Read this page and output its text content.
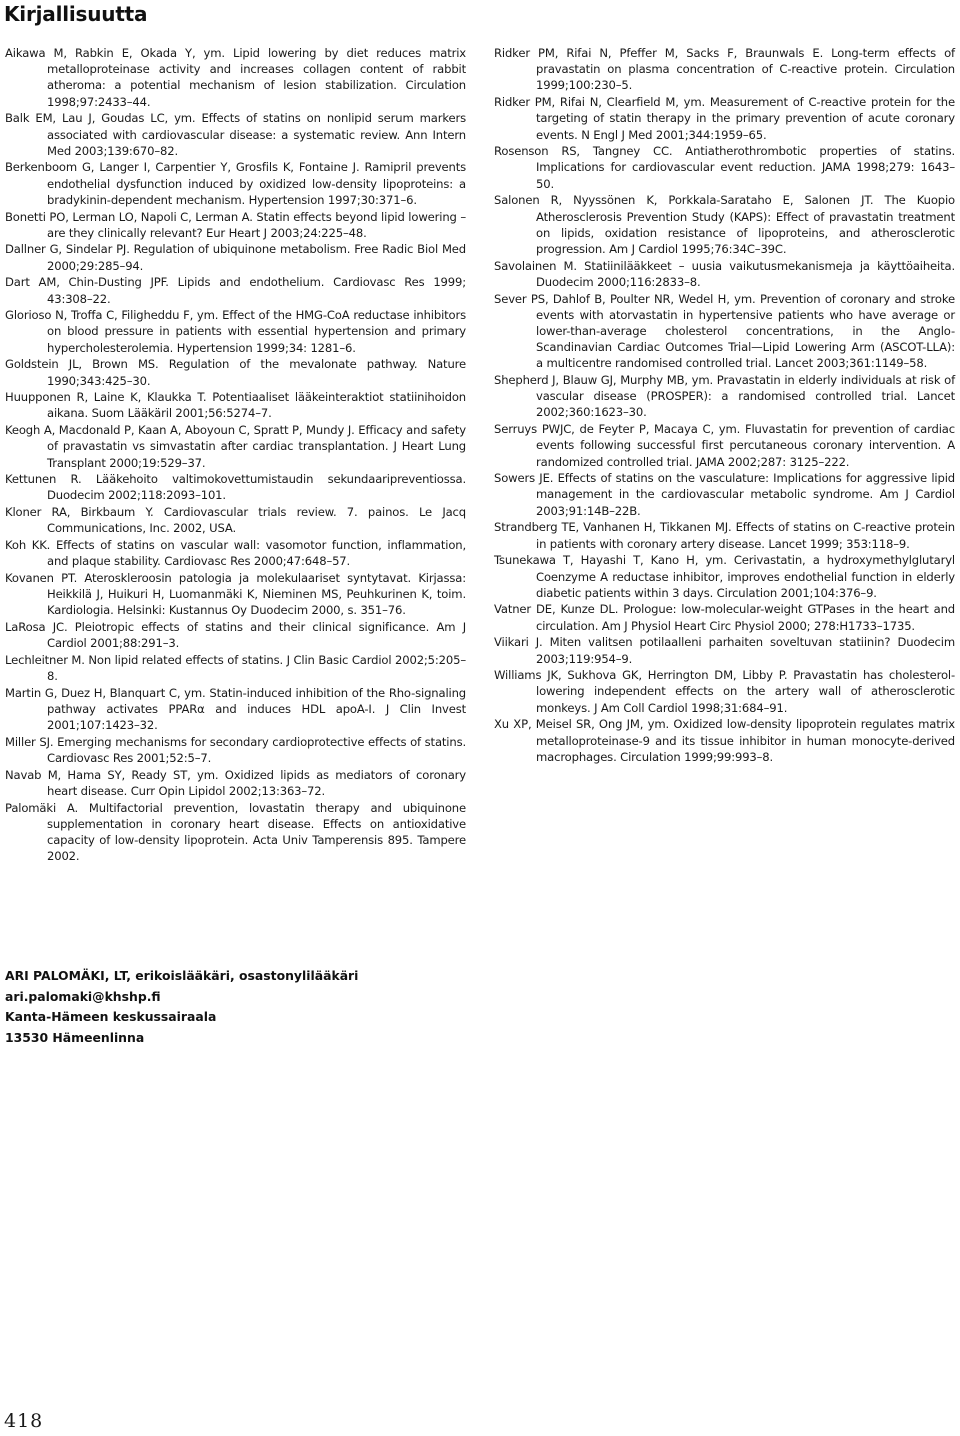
Kirjallisuutta

Aikawa M, Rabkin E, Okada Y, ym. Lipid lowering by diet reduces matrix metalloproteinase activity and increases collagen content of rabbit atheroma: a potential mechanism of lesion stabilization. Circulation 1998;97:2433–44.

Balk EM, Lau J, Goudas LC, ym. Effects of statins on nonlipid serum markers associated with cardiovascular disease: a systematic review. Ann Intern Med 2003;139:670–82.

Berkenboom G, Langer I, Carpentier Y, Grosfils K, Fontaine J. Ramipril prevents endothelial dysfunction induced by oxidized low-density lipoproteins: a bradykinin-dependent mechanism. Hypertension 1997;30:371–6.

Bonetti PO, Lerman LO, Napoli C, Lerman A. Statin effects beyond lipid lowering – are they clinically relevant? Eur Heart J 2003;24:225–48.

Dallner G, Sindelar PJ. Regulation of ubiquinone metabolism. Free Radic Biol Med 2000;29:285–94.

Dart AM, Chin-Dusting JPF. Lipids and endothelium. Cardiovasc Res 1999; 43:308–22.

Glorioso N, Troffa C, Filigheddu F, ym. Effect of the HMG-CoA reductase inhibitors on blood pressure in patients with essential hypertension and primary hypercholesterolemia. Hypertension 1999;34: 1281–6.

Goldstein JL, Brown MS. Regulation of the mevalonate pathway. Nature 1990;343:425–30.

Huupponen R, Laine K, Klaukka T. Potentiaaliset lääkeinteraktiot statiinihoidon aikana. Suom Lääkäril 2001;56:5274–7.

Keogh A, Macdonald P, Kaan A, Aboyoun C, Spratt P, Mundy J. Efficacy and safety of pravastatin vs simvastatin after cardiac transplantation. J Heart Lung Transplant 2000;19:529–37.

Kettunen R. Lääkehoito valtimokovettumistaudin sekundaaripreventiossa. Duodecim 2002;118:2093–101.

Kloner RA, Birkbaum Y. Cardiovascular trials review. 7. painos. Le Jacq Communications, Inc. 2002, USA.

Koh KK. Effects of statins on vascular wall: vasomotor function, inflammation, and plaque stability. Cardiovasc Res 2000;47:648–57.

Kovanen PT. Ateroskleroosin patologia ja molekulaariset syntytavat. Kirjassa: Heikkilä J, Huikuri H, Luomanmäki K, Nieminen MS, Peuhkurinen K, toim. Kardiologia. Helsinki: Kustannus Oy Duodecim 2000, s. 351–76.

LaRosa JC. Pleiotropic effects of statins and their clinical significance. Am J Cardiol 2001;88:291–3.

Lechleitner M. Non lipid related effects of statins. J Clin Basic Cardiol 2002;5:205–8.

Martin G, Duez H, Blanquart C, ym. Statin-induced inhibition of the Rho-signaling pathway activates PPARα and induces HDL apoA-I. J Clin Invest 2001;107:1423–32.

Miller SJ. Emerging mechanisms for secondary cardioprotective effects of statins. Cardiovasc Res 2001;52:5–7.

Navab M, Hama SY, Ready ST, ym. Oxidized lipids as mediators of coronary heart disease. Curr Opin Lipidol 2002;13:363–72.

Palomäki A. Multifactorial prevention, lovastatin therapy and ubiquinone supplementation in coronary heart disease. Effects on antioxidative capacity of low-density lipoprotein. Acta Univ Tamperensis 895. Tampere 2002.

Ridker PM, Rifai N, Pfeffer M, Sacks F, Braunwals E. Long-term effects of pravastatin on plasma concentration of C-reactive protein. Circulation 1999;100:230–5.

Ridker PM, Rifai N, Clearfield M, ym. Measurement of C-reactive protein for the targeting of statin therapy in the primary prevention of acute coronary events. N Engl J Med 2001;344:1959–65.

Rosenson RS, Tangney CC. Antiatherothrombotic properties of statins. Implications for cardiovascular event reduction. JAMA 1998;279: 1643–50.

Salonen R, Nyyssönen K, Porkkala-Sarataho E, Salonen JT. The Kuopio Atherosclerosis Prevention Study (KAPS): Effect of pravastatin treatment on lipids, oxidation resistance of lipoproteins, and atherosclerotic progression. Am J Cardiol 1995;76:34C–39C.

Savolainen M. Statiinilääkkeet – uusia vaikutusmekanismeja ja käyttöaiheita. Duodecim 2000;116:2833–8.

Sever PS, Dahlof B, Poulter NR, Wedel H, ym. Prevention of coronary and stroke events with atorvastatin in hypertensive patients who have average or lower-than-average cholesterol concentrations, in the Anglo-Scandinavian Cardiac Outcomes Trial—Lipid Lowering Arm (ASCOT-LLA): a multicentre randomised controlled trial. Lancet 2003;361:1149–58.

Shepherd J, Blauw GJ, Murphy MB, ym. Pravastatin in elderly individuals at risk of vascular disease (PROSPER): a randomised controlled trial. Lancet 2002;360:1623–30.

Serruys PWJC, de Feyter P, Macaya C, ym. Fluvastatin for prevention of cardiac events following successful first percutaneous coronary intervention. A randomized controlled trial. JAMA 2002;287: 3125–222.

Sowers JE. Effects of statins on the vasculature: Implications for aggressive lipid management in the cardiovascular metabolic syndrome. Am J Cardiol 2003;91:14B–22B.

Strandberg TE, Vanhanen H, Tikkanen MJ. Effects of statins on C-reactive protein in patients with coronary artery disease. Lancet 1999; 353:118–9.

Tsunekawa T, Hayashi T, Kano H, ym. Cerivastatin, a hydroxymethylglutaryl Coenzyme A reductase inhibitor, improves endothelial function in elderly diabetic patients within 3 days. Circulation 2001;104:376–9.

Vatner DE, Kunze DL. Prologue: low-molecular-weight GTPases in the heart and circulation. Am J Physiol Heart Circ Physiol 2000; 278:H1733–1735.

Viikari J. Miten valitsen potilaalleni parhaiten soveltuvan statiinin? Duodecim 2003;119:954–9.

Williams JK, Sukhova GK, Herrington DM, Libby P. Pravastatin has cholesterol-lowering independent effects on the artery wall of atherosclerotic monkeys. J Am Coll Cardiol 1998;31:684–91.

Xu XP, Meisel SR, Ong JM, ym. Oxidized low-density lipoprotein regulates matrix metalloproteinase-9 and its tissue inhibitor in human monocyte-derived macrophages. Circulation 1999;99:993–8.

ARI PALOMÄKI, LT, erikoislääkäri, osastonylilääkäri
ari.palomaki@khshp.fi
Kanta-Hämeen keskussairaala
13530 Hämeenlinna
418
